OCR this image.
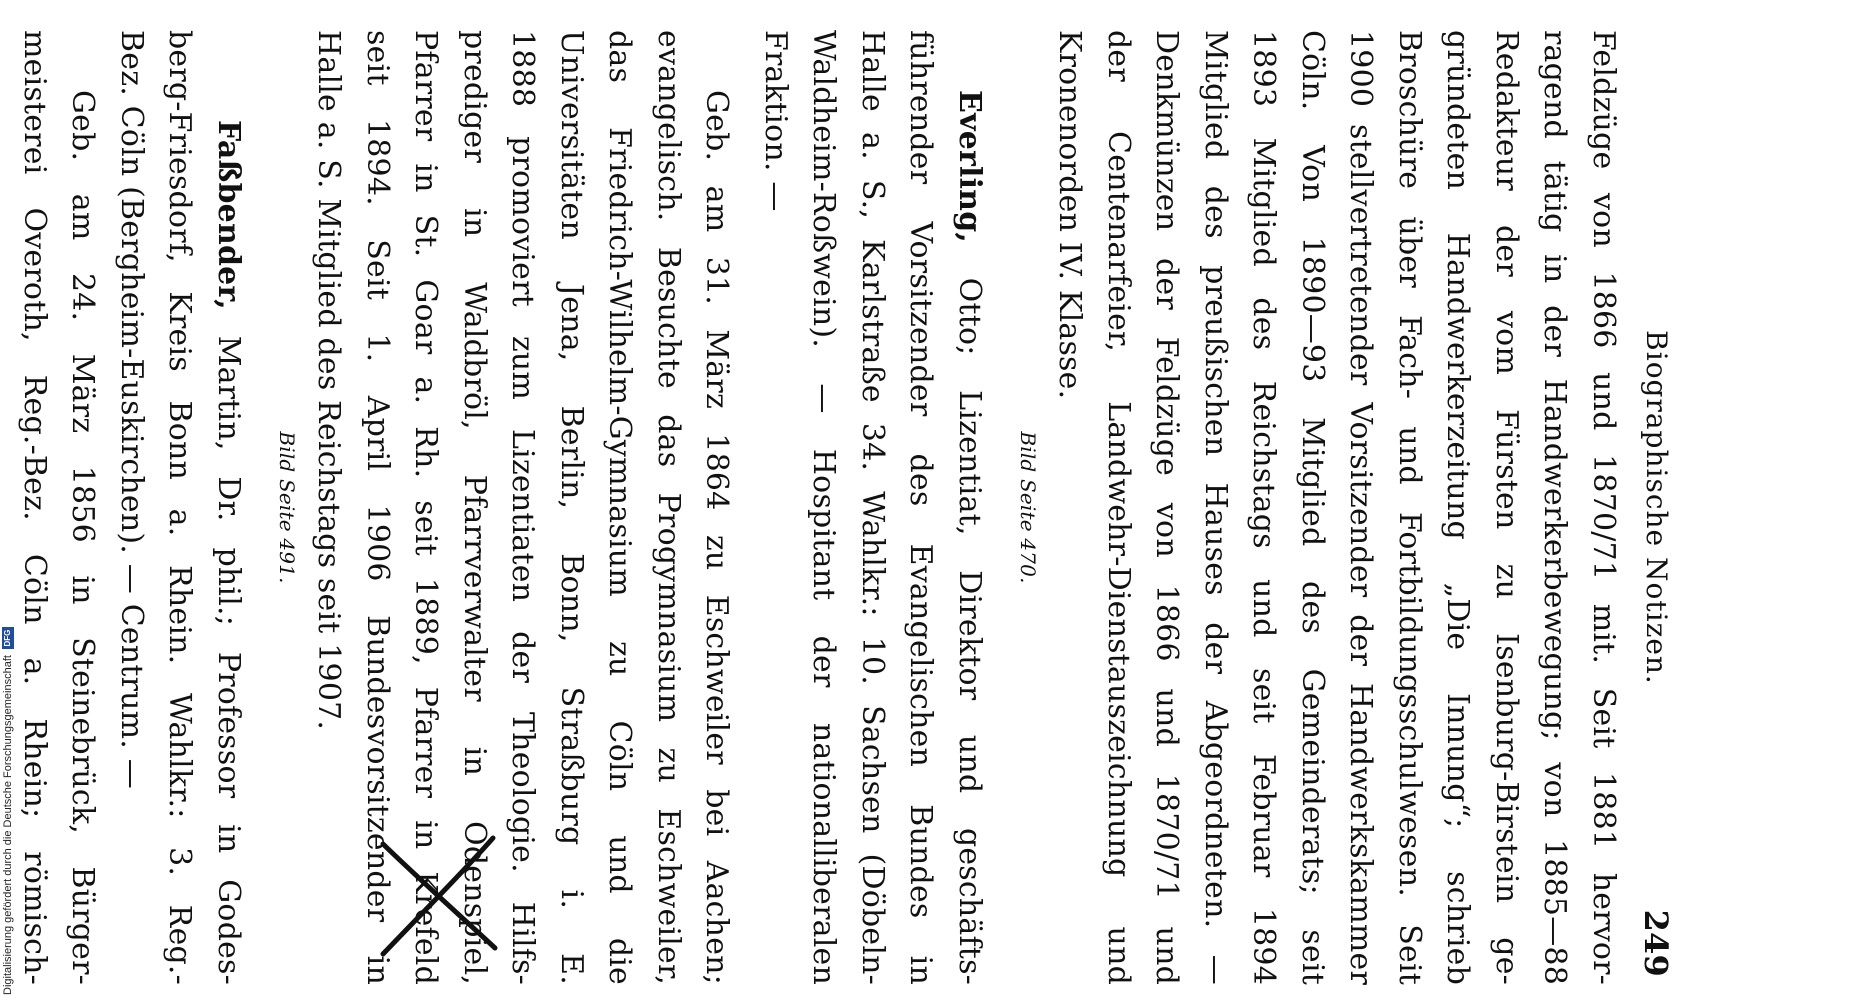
Digitalisierung gefördert durch die Deutsche Forschungsgemeinschaft
DFG	Biographische Notizen.
249
Feldzüge von 1866 und 1870/71 mit. Seit 1881 hervor-
ragend tätig in der Handwerkerbewegung; von 1885—88
Redakteur der vom Fürsten zu Isenburg-Birstein ge-
gründeten Handwerkerzeitung „Die Innung“; schrieb
Broschüre über Fach- und Fortbildungsschulwesen. Seit
1900 stellvertretender Vorsitzender der Handwerkskammer
Cöln. Von 1890—93 Mitglied des Gemeinderats; seit
1893 Mitglied des Reichstags und seit Februar 1894
Mitglied des preußischen Hauses der Abgeordneten. —
Denkmünzen der Feldzüge von 1866 und 1870/71 und
der Centenarfeier, Landwehr-Dienstauszeichnung und
Kronenorden IV. Klasse.
Bild Seite 470.
Everling, Otto; Lizentiat, Direktor und geschäfts-
führender Vorsitzender des Evangelischen Bundes in
Halle a. S., Karlstraße 34. Wahlkr.: 10. Sachsen (Döbeln-
Waldheim-Roßwein). — Hospitant der nationalliberalen
Fraktion. —
Geb. am 31. März 1864 zu Eschweiler bei Aachen;
evangelisch. Besuchte das Progymnasium zu Eschweiler,
das Friedrich-Wilhelm-Gymnasium zu Cöln und die
Universitäten Jena, Berlin, Bonn, Straßburg i. E.
1888 promoviert zum Lizentiaten der Theologie. Hilfs-
prediger in Waldbröl, Pfarrverwalter in Odenspiel,
Pfarrer in St. Goar a. Rh. seit 1889, Pfarrer in Krefeld
seit 1894. Seit 1. April 1906 Bundesvorsitzender in
Halle a. S. Mitglied des Reichstags seit 1907.
Bild Seite 491.
Faßbender, Martin, Dr. phil.; Professor in Godes-
berg-Friesdorf, Kreis Bonn a. Rhein. Wahlkr.: 3. Reg.-
Bez. Cöln (Bergheim-Euskirchen). — Centrum. —
Geb. am 24. März 1856 in Steinebrück, Bürger-
meisterei Overoth, Reg.-Bez. Cöln a. Rhein; römisch-
